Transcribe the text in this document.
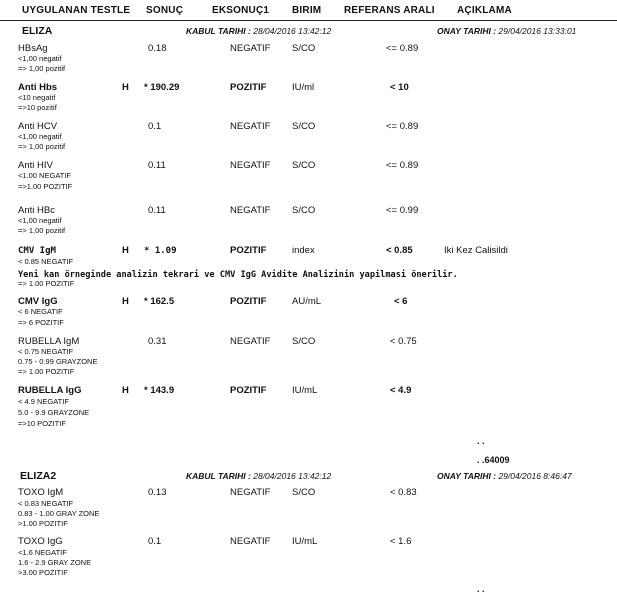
UYGULANAN TESTLE SONUÇ	EKSONUÇ1 BIRIM REFERANS ARALI AÇIKLAMA
ELIZA	KABUL TARIHI : 28/04/2016 13:42:12	ONAY TARIHI : 29/04/2016 13:33:01
HBsAg	0.18	NEGATIF S/CO	<= 0.89
<1,00 negatif
=> 1,00 pozitif
Anti Hbs	H * 190.29	POZITIF	IU/ml	< 10
<10 negatif
=>10 pozitif
Anti HCV	0.1	NEGATIF S/CO	<= 0.89
<1,00 negatif
=> 1,00 pozitif
Anti HIV	0.11	NEGATIF S/CO	<= 0.89
<1.00 NEGATIF
=>1.00 POZITIF
Anti HBc	0.11	NEGATIF S/CO	<= 0.99
<1,00 negatif
=> 1,00 pozitif
CMV IgM	H * 1.09	POZITIF	index	< 0.85	Iki Kez Calisildi
< 0.85 NEGATIF
=> 1.00 POZITIF
Yeni kan örneginde analizin tekrari ve CMV IgG Avidite Analizinin yapilmasi önerilir.
CMV IgG	H * 162.5	POZITIF	AU/mL	< 6
< 6 NEGATIF
=> 6 POZITIF
RUBELLA IgM	0.31	NEGATIF S/CO	< 0.75
< 0.75 NEGATIF
0.75 - 0.99 GRAYZONE
=> 1.00 POZITIF
RUBELLA IgG	H * 143.9	POZITIF	IU/mL	< 4.9
< 4.9 NEGATIF
5.0 - 9.9 GRAYZONE
=>10 POZITIF
. .
. .64009
ELIZA2	KABUL TARIHI : 28/04/2016 13:42:12	ONAY TARIHI : 29/04/2016 8:46:47
TOXO IgM	0.13	NEGATIF S/CO	< 0.83
< 0.83 NEGATIF
0.83 - 1.00 GRAY ZONE
>1.00 POZITIF
TOXO IgG	0.1	NEGATIF IU/mL	< 1.6
<1.6 NEGATIF
1.6 - 2.9 GRAY ZONE
>3.00 POZITIF
. .
